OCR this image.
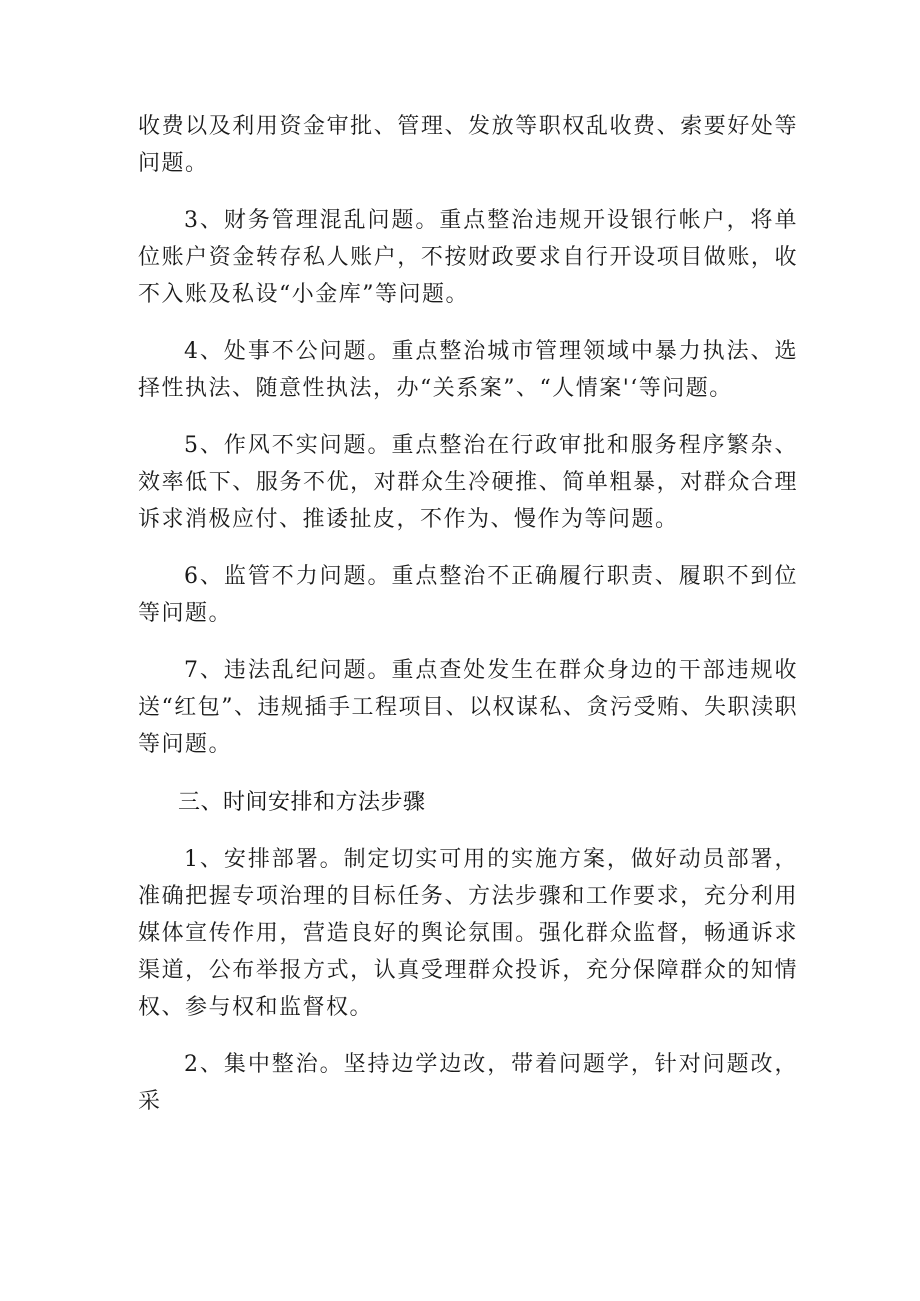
收费以及利用资金审批、管理、发放等职权乱收费、索要好处等问题。

3、财务管理混乱问题。重点整治违规开设银行帐户，将单位账户资金转存私人账户，不按财政要求自行开设项目做账，收不入账及私设“小金库”等问题。

4、处事不公问题。重点整治城市管理领域中暴力执法、选择性执法、随意性执法，办“关系案”、“人情案'‘等问题。

5、作风不实问题。重点整治在行政审批和服务程序繁杂、效率低下、服务不优，对群众生冷硬推、简单粗暴，对群众合理诉求消极应付、推诿扯皮，不作为、慢作为等问题。

6、监管不力问题。重点整治不正确履行职责、履职不到位等问题。

7、违法乱纪问题。重点查处发生在群众身边的干部违规收送“红包”、违规插手工程项目、以权谋私、贪污受贿、失职渎职等问题。

三、时间安排和方法步骤

1、安排部署。制定切实可用的实施方案，做好动员部署，准确把握专项治理的目标任务、方法步骤和工作要求，充分利用媒体宣传作用，营造良好的舆论氛围。强化群众监督，畅通诉求渠道，公布举报方式，认真受理群众投诉，充分保障群众的知情权、参与权和监督权。

2、集中整治。坚持边学边改，带着问题学，针对问题改，采
